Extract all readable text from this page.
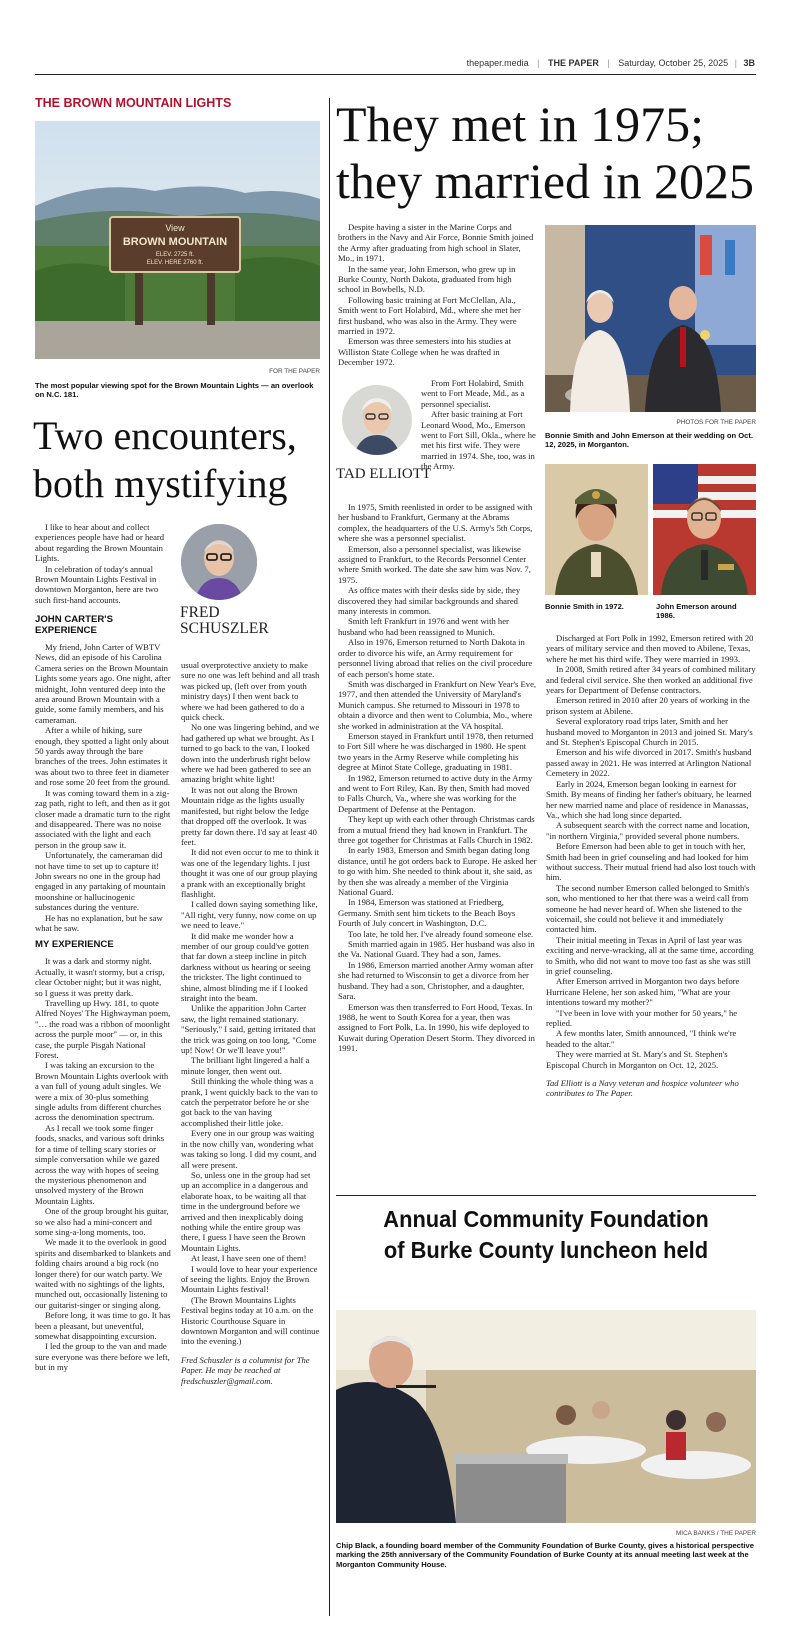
thepaper.media | THE PAPER | Saturday, October 25, 2025 | 3B
THE BROWN MOUNTAIN LIGHTS
View
BROWN MOUNTAIN
ELEV. 2725 ft.
ELEV. HERE 2760 ft.
FOR THE PAPER
The most popular viewing spot for the Brown Mountain Lights — an overlook on N.C. 181.
Two encounters,
both mystifying
FRED
SCHUSZLER

I like to hear about and collect experiences people have had or heard about regarding the Brown Mountain Lights.

In celebration of today's annual Brown Mountain Lights Festival in downtown Morganton, here are two such first-hand accounts.

JOHN CARTER'S EXPERIENCE

My friend, John Carter of WBTV News, did an episode of his Carolina Camera series on the Brown Mountain Lights some years ago. One night, after midnight, John ventured deep into the area around Brown Mountain with a guide, some family members, and his cameraman.

After a while of hiking, sure enough, they spotted a light only about 50 yards away through the bare branches of the trees. John estimates it was about two to three feet in diameter and rose some 20 feet from the ground.

It was coming toward them in a zig-zag path, right to left, and then as it got closer made a dramatic turn to the right and disappeared. There was no noise associated with the light and each person in the group saw it.

Unfortunately, the cameraman did not have time to set up to capture it! John swears no one in the group had engaged in any partaking of mountain moonshine or hallucinogenic substances during the venture.

He has no explanation, but he saw what he saw.

MY EXPERIENCE

It was a dark and stormy night. Actually, it wasn't stormy, but a crisp, clear October night; but it was night, so I guess it was pretty dark.

Travelling up Hwy. 181, to quote Alfred Noyes' The Highwayman poem, "… the road was a ribbon of moonlight across the purple moor" — or, in this case, the purple Pisgah National Forest.

I was taking an excursion to the Brown Mountain Lights overlook with a van full of young adult singles. We were a mix of 30-plus something single adults from different churches across the denomination spectrum.

As I recall we took some finger foods, snacks, and various soft drinks for a time of telling scary stories or simple conversation while we gazed across the way with hopes of seeing the mysterious phenomenon and unsolved mystery of the Brown Mountain Lights.

One of the group brought his guitar, so we also had a mini-concert and some sing-a-long moments, too.

We made it to the overlook in good spirits and disembarked to blankets and folding chairs around a big rock (no longer there) for our watch party. We waited with no sightings of the lights, munched out, occasionally listening to our guitarist-singer or singing along.

Before long, it was time to go. It has been a pleasant, but uneventful, somewhat disappointing excursion.

I led the group to the van and made sure everyone was there before we left, but in my

usual overprotective anxiety to make sure no one was left behind and all trash was picked up, (left over from youth ministry days) I then went back to where we had been gathered to do a quick check.

No one was lingering behind, and we had gathered up what we brought. As I turned to go back to the van, I looked down into the underbrush right below where we had been gathered to see an amazing bright white light!

It was not out along the Brown Mountain ridge as the lights usually manifested, but right below the ledge that dropped off the overlook. It was pretty far down there. I'd say at least 40 feet.

It did not even occur to me to think it was one of the legendary lights. I just thought it was one of our group playing a prank with an exceptionally bright flashlight.

I called down saying something like, "All right, very funny, now come on up we need to leave."

It did make me wonder how a member of our group could've gotten that far down a steep incline in pitch darkness without us hearing or seeing the trickster. The light continued to shine, almost blinding me if I looked straight into the beam.

Unlike the apparition John Carter saw, the light remained stationary. "Seriously," I said, getting irritated that the trick was going on too long, "Come up! Now! Or we'll leave you!"

The brilliant light lingered a half a minute longer, then went out.

Still thinking the whole thing was a prank, I went quickly back to the van to catch the perpetrator before he or she got back to the van having accomplished their little joke.

Every one in our group was waiting in the now chilly van, wondering what was taking so long. I did my count, and all were present.

So, unless one in the group had set up an accomplice in a dangerous and elaborate hoax, to be waiting all that time in the underground before we arrived and then inexplicably doing nothing while the entire group was there, I guess I have seen the Brown Mountain Lights.

At least, I have seen one of them!

I would love to hear your experience of seeing the lights. Enjoy the Brown Mountain Lights festival!

(The Brown Mountains Lights Festival begins today at 10 a.m. on the Historic Courthouse Square in downtown Morganton and will continue into the evening.)

Fred Schuszler is a columnist for The Paper. He may be reached at fredschuszler@gmail.com.

They met in 1975;
they married in 2025

Despite having a sister in the Marine Corps and brothers in the Navy and Air Force, Bonnie Smith joined the Army after graduating from high school in Slater, Mo., in 1971.

In the same year, John Emerson, who grew up in Burke County, North Dakota, graduated from high school in Bowbells, N.D.

Following basic training at Fort McClellan, Ala., Smith went to Fort Holabird, Md., where she met her first husband, who was also in the Army. They were married in 1972.

Emerson was three semesters into his studies at Williston State College when he was drafted in December 1972.

TAD ELLIOTT

From Fort Holabird, Smith went to Fort Meade, Md., as a personnel specialist.

After basic training at Fort Leonard Wood, Mo., Emerson went to Fort Sill, Okla., where he met his first wife. They were married in 1974. She, too, was in the Army.

In 1975, Smith reenlisted in order to be assigned with her husband to Frankfurt, Germany at the Abrams complex, the headquarters of the U.S. Army's 5th Corps, where she was a personnel specialist.

Emerson, also a personnel specialist, was likewise assigned to Frankfurt, to the Records Personnel Center where Smith worked. The date she saw him was Nov. 7, 1975.

As office mates with their desks side by side, they discovered they had similar backgrounds and shared many interests in common.

Smith left Frankfurt in 1976 and went with her husband who had been reassigned to Munich.

Also in 1976, Emerson returned to North Dakota in order to divorce his wife, an Army requirement for personnel living abroad that relies on the civil procedure of each person's home state.

Smith was discharged in Frankfurt on New Year's Eve, 1977, and then attended the University of Maryland's Munich campus. She returned to Missouri in 1978 to obtain a divorce and then went to Columbia, Mo., where she worked in administration at the VA hospital.

Emerson stayed in Frankfurt until 1978, then returned to Fort Sill where he was discharged in 1980. He spent two years in the Army Reserve while completing his degree at Minot State College, graduating in 1981.

In 1982, Emerson returned to active duty in the Army and went to Fort Riley, Kan. By then, Smith had moved to Falls Church, Va., where she was working for the Department of Defense at the Pentagon.

They kept up with each other through Christmas cards from a mutual friend they had known in Frankfurt. The three got together for Christmas at Falls Church in 1982.

In early 1983, Emerson and Smith began dating long distance, until he got orders back to Europe. He asked her to go with him. She needed to think about it, she said, as by then she was already a member of the Virginia National Guard.

In 1984, Emerson was stationed at Friedberg, Germany. Smith sent him tickets to the Beach Boys Fourth of July concert in Washington, D.C.

Too late, he told her. I've already found someone else.

Smith married again in 1985. Her husband was also in the Va. National Guard. They had a son, James.

In 1986, Emerson married another Army woman after she had returned to Wisconsin to get a divorce from her husband. They had a son, Christopher, and a daughter, Sara.

Emerson was then transferred to Fort Hood, Texas. In 1988, he went to South Korea for a year, then was assigned to Fort Polk, La. In 1990, his wife deployed to Kuwait during Operation Desert Storm. They divorced in 1991.

PHOTOS FOR THE PAPER
Bonnie Smith and John Emerson at their wedding on Oct. 12, 2025, in Morganton.
Bonnie Smith in 1972.	John Emerson around 1986.

Discharged at Fort Polk in 1992, Emerson retired with 20 years of military service and then moved to Abilene, Texas, where he met his third wife. They were married in 1993.

In 2008, Smith retired after 34 years of combined military and federal civil service. She then worked an additional five years for Department of Defense contractors.

Emerson retired in 2010 after 20 years of working in the prison system at Abilene.

Several exploratory road trips later, Smith and her husband moved to Morganton in 2013 and joined St. Mary's and St. Stephen's Episcopal Church in 2015.

Emerson and his wife divorced in 2017. Smith's husband passed away in 2021. He was interred at Arlington National Cemetery in 2022.

Early in 2024, Emerson began looking in earnest for Smith. By means of finding her father's obituary, he learned her new married name and place of residence in Manassas, Va., which she had long since departed.

A subsequent search with the correct name and location, "in northern Virginia," provided several phone numbers.

Before Emerson had been able to get in touch with her, Smith had been in grief counseling and had looked for him without success. Their mutual friend had also lost touch with him.

The second number Emerson called belonged to Smith's son, who mentioned to her that there was a weird call from someone he had never heard of. When she listened to the voicemail, she could not believe it and immediately contacted him.

Their initial meeting in Texas in April of last year was exciting and nerve-wracking, all at the same time, according to Smith, who did not want to move too fast as she was still in grief counseling.

After Emerson arrived in Morganton two days before Hurricane Helene, her son asked him, "What are your intentions toward my mother?"

"I've been in love with your mother for 50 years," he replied.

A few months later, Smith announced, "I think we're headed to the altar."

They were married at St. Mary's and St. Stephen's Episcopal Church in Morganton on Oct. 12, 2025.

Tad Elliott is a Navy veteran and hospice volunteer who contributes to The Paper.

Annual Community Foundation
of Burke County luncheon held
MICA BANKS / THE PAPER
Chip Black, a founding board member of the Community Foundation of Burke County, gives a historical perspective marking the 25th anniversary of the Community Foundation of Burke County at its annual meeting last week at the Morganton Community House.
